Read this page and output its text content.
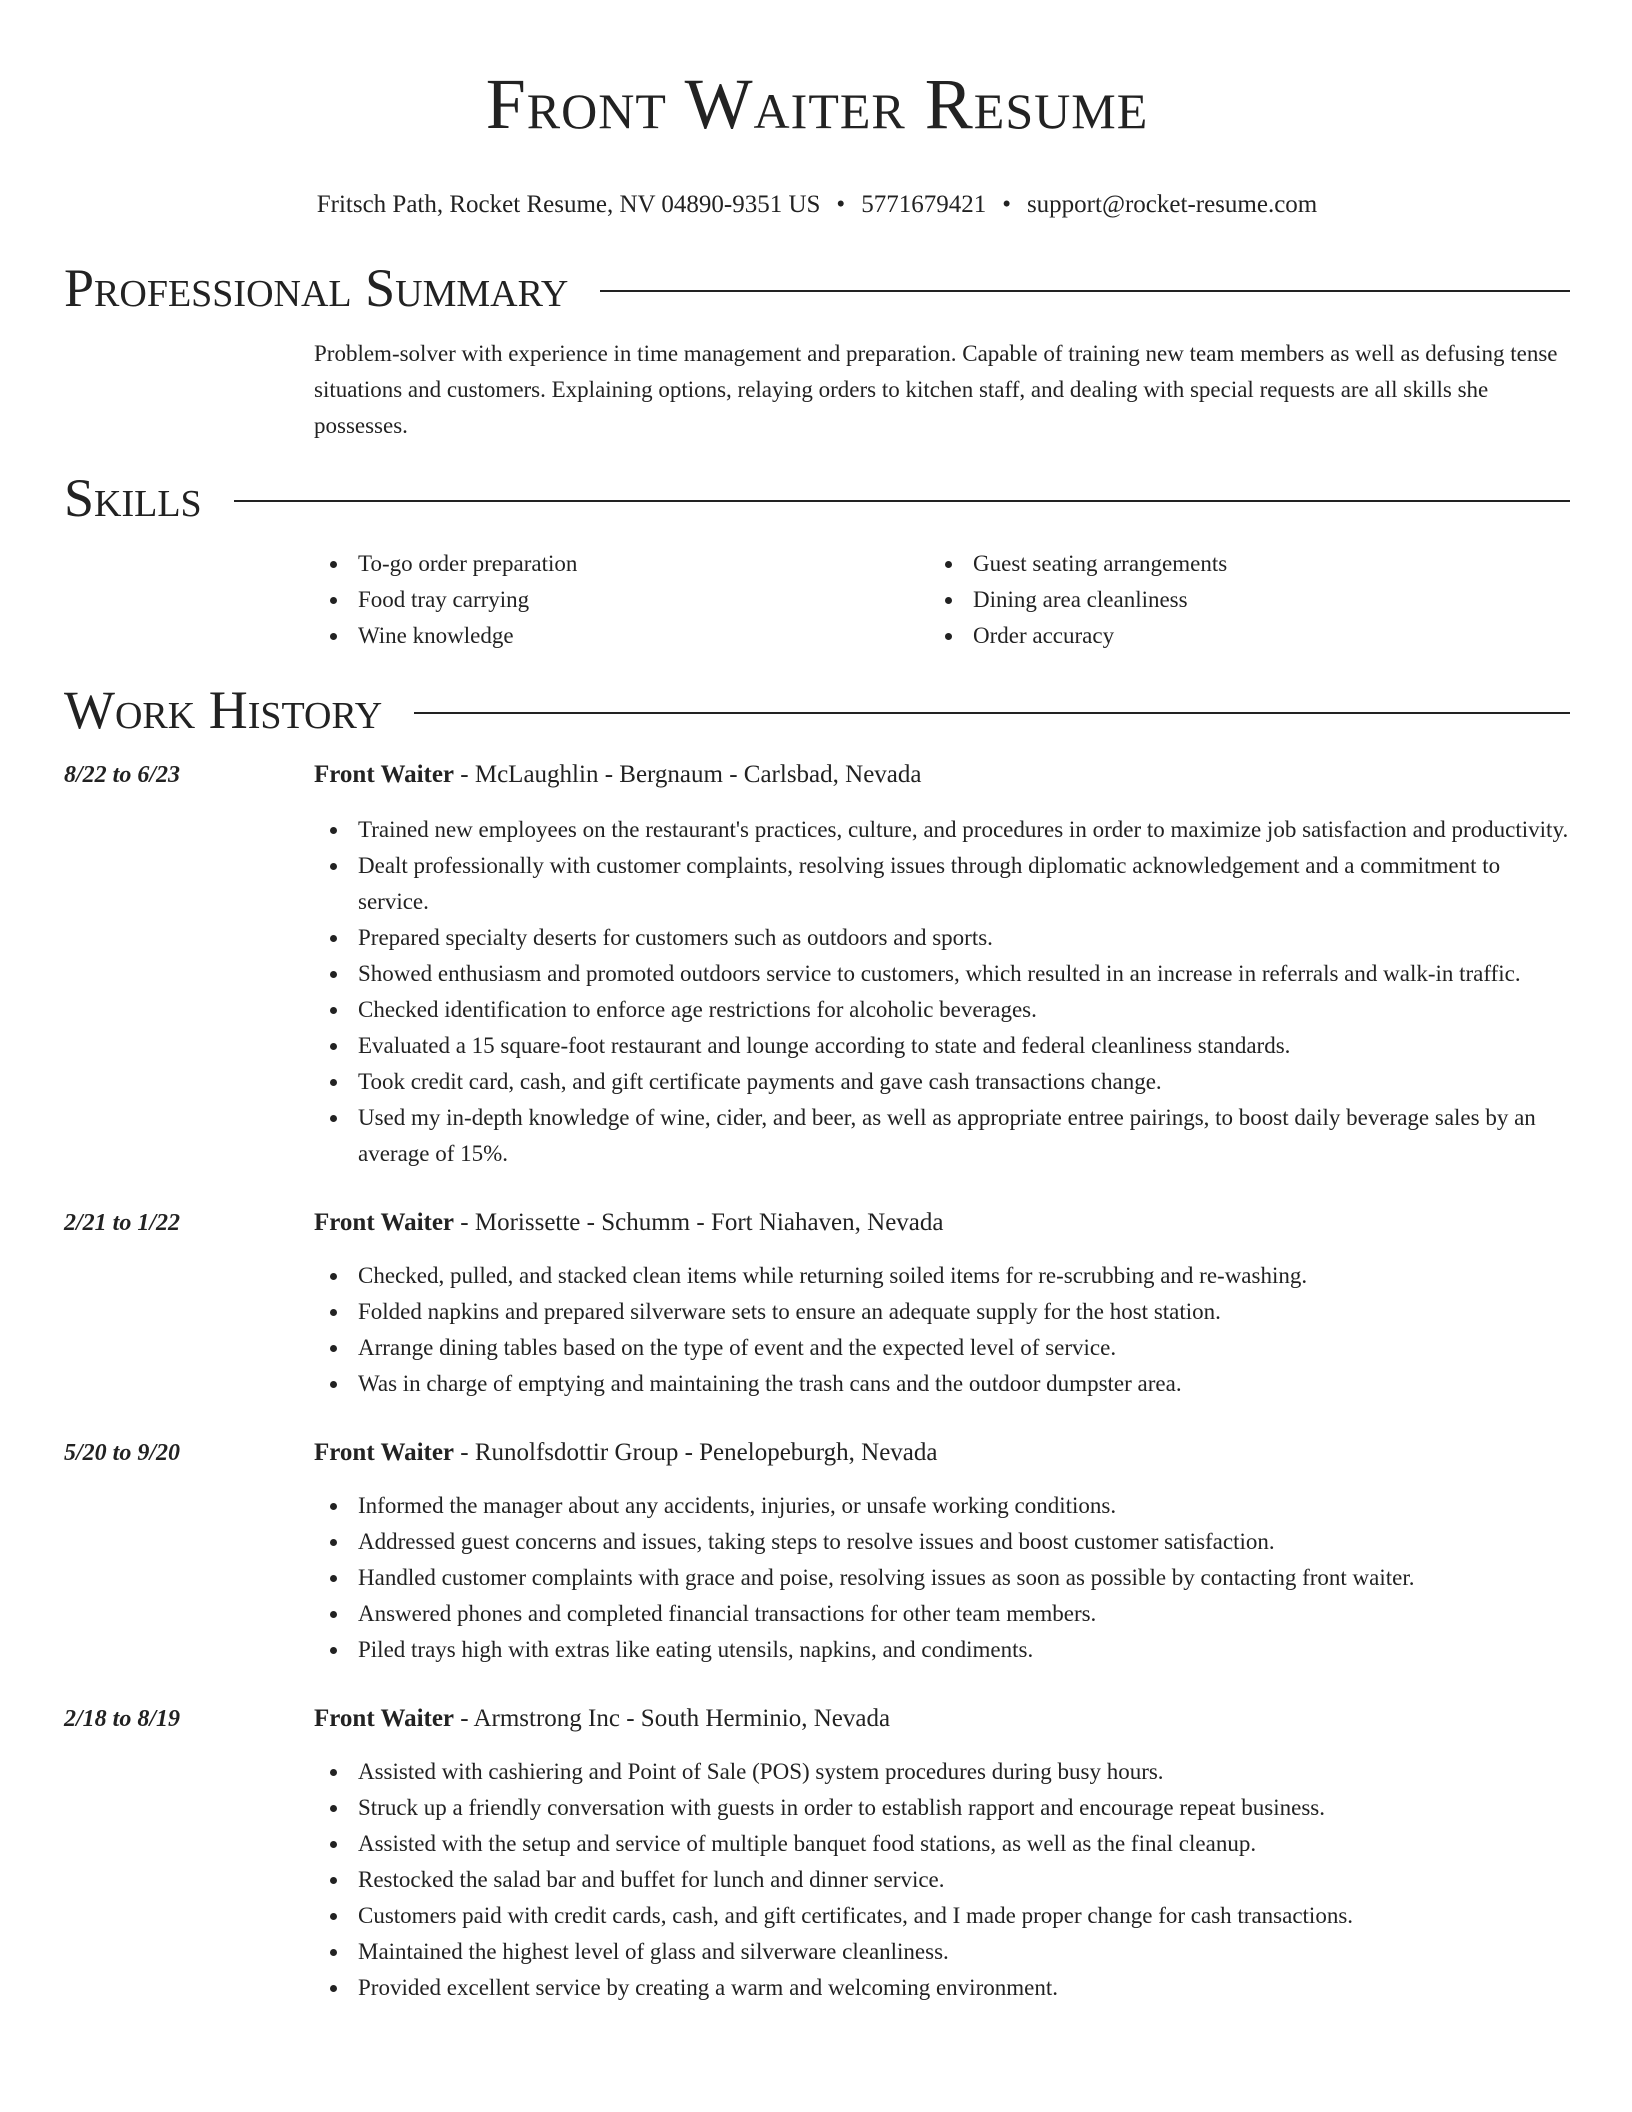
Front Waiter Resume
Fritsch Path, Rocket Resume, NV 04890-9351 US • 5771679421 • support@rocket-resume.com
Professional Summary

Problem-solver with experience in time management and preparation. Capable of training new team members as well as defusing tense situations and customers. Explaining options, relaying orders to kitchen staff, and dealing with special requests are all skills she possesses.

Skills
To-go order preparation
Food tray carrying
Wine knowledge
Guest seating arrangements
Dining area cleanliness
Order accuracy
Work History
8/22 to 6/23	Front Waiter - McLaughlin - Bergnaum - Carlsbad, Nevada
Trained new employees on the restaurant's practices, culture, and procedures in order to maximize job satisfaction and productivity.
Dealt professionally with customer complaints, resolving issues through diplomatic acknowledgement and a commitment to service.
Prepared specialty deserts for customers such as outdoors and sports.
Showed enthusiasm and promoted outdoors service to customers, which resulted in an increase in referrals and walk-in traffic.
Checked identification to enforce age restrictions for alcoholic beverages.
Evaluated a 15 square-foot restaurant and lounge according to state and federal cleanliness standards.
Took credit card, cash, and gift certificate payments and gave cash transactions change.
Used my in-depth knowledge of wine, cider, and beer, as well as appropriate entree pairings, to boost daily beverage sales by an average of 15%.
2/21 to 1/22	Front Waiter - Morissette - Schumm - Fort Niahaven, Nevada
Checked, pulled, and stacked clean items while returning soiled items for re-scrubbing and re-washing.
Folded napkins and prepared silverware sets to ensure an adequate supply for the host station.
Arrange dining tables based on the type of event and the expected level of service.
Was in charge of emptying and maintaining the trash cans and the outdoor dumpster area.
5/20 to 9/20	Front Waiter - Runolfsdottir Group - Penelopeburgh, Nevada
Informed the manager about any accidents, injuries, or unsafe working conditions.
Addressed guest concerns and issues, taking steps to resolve issues and boost customer satisfaction.
Handled customer complaints with grace and poise, resolving issues as soon as possible by contacting front waiter.
Answered phones and completed financial transactions for other team members.
Piled trays high with extras like eating utensils, napkins, and condiments.
2/18 to 8/19	Front Waiter - Armstrong Inc - South Herminio, Nevada
Assisted with cashiering and Point of Sale (POS) system procedures during busy hours.
Struck up a friendly conversation with guests in order to establish rapport and encourage repeat business.
Assisted with the setup and service of multiple banquet food stations, as well as the final cleanup.
Restocked the salad bar and buffet for lunch and dinner service.
Customers paid with credit cards, cash, and gift certificates, and I made proper change for cash transactions.
Maintained the highest level of glass and silverware cleanliness.
Provided excellent service by creating a warm and welcoming environment.
